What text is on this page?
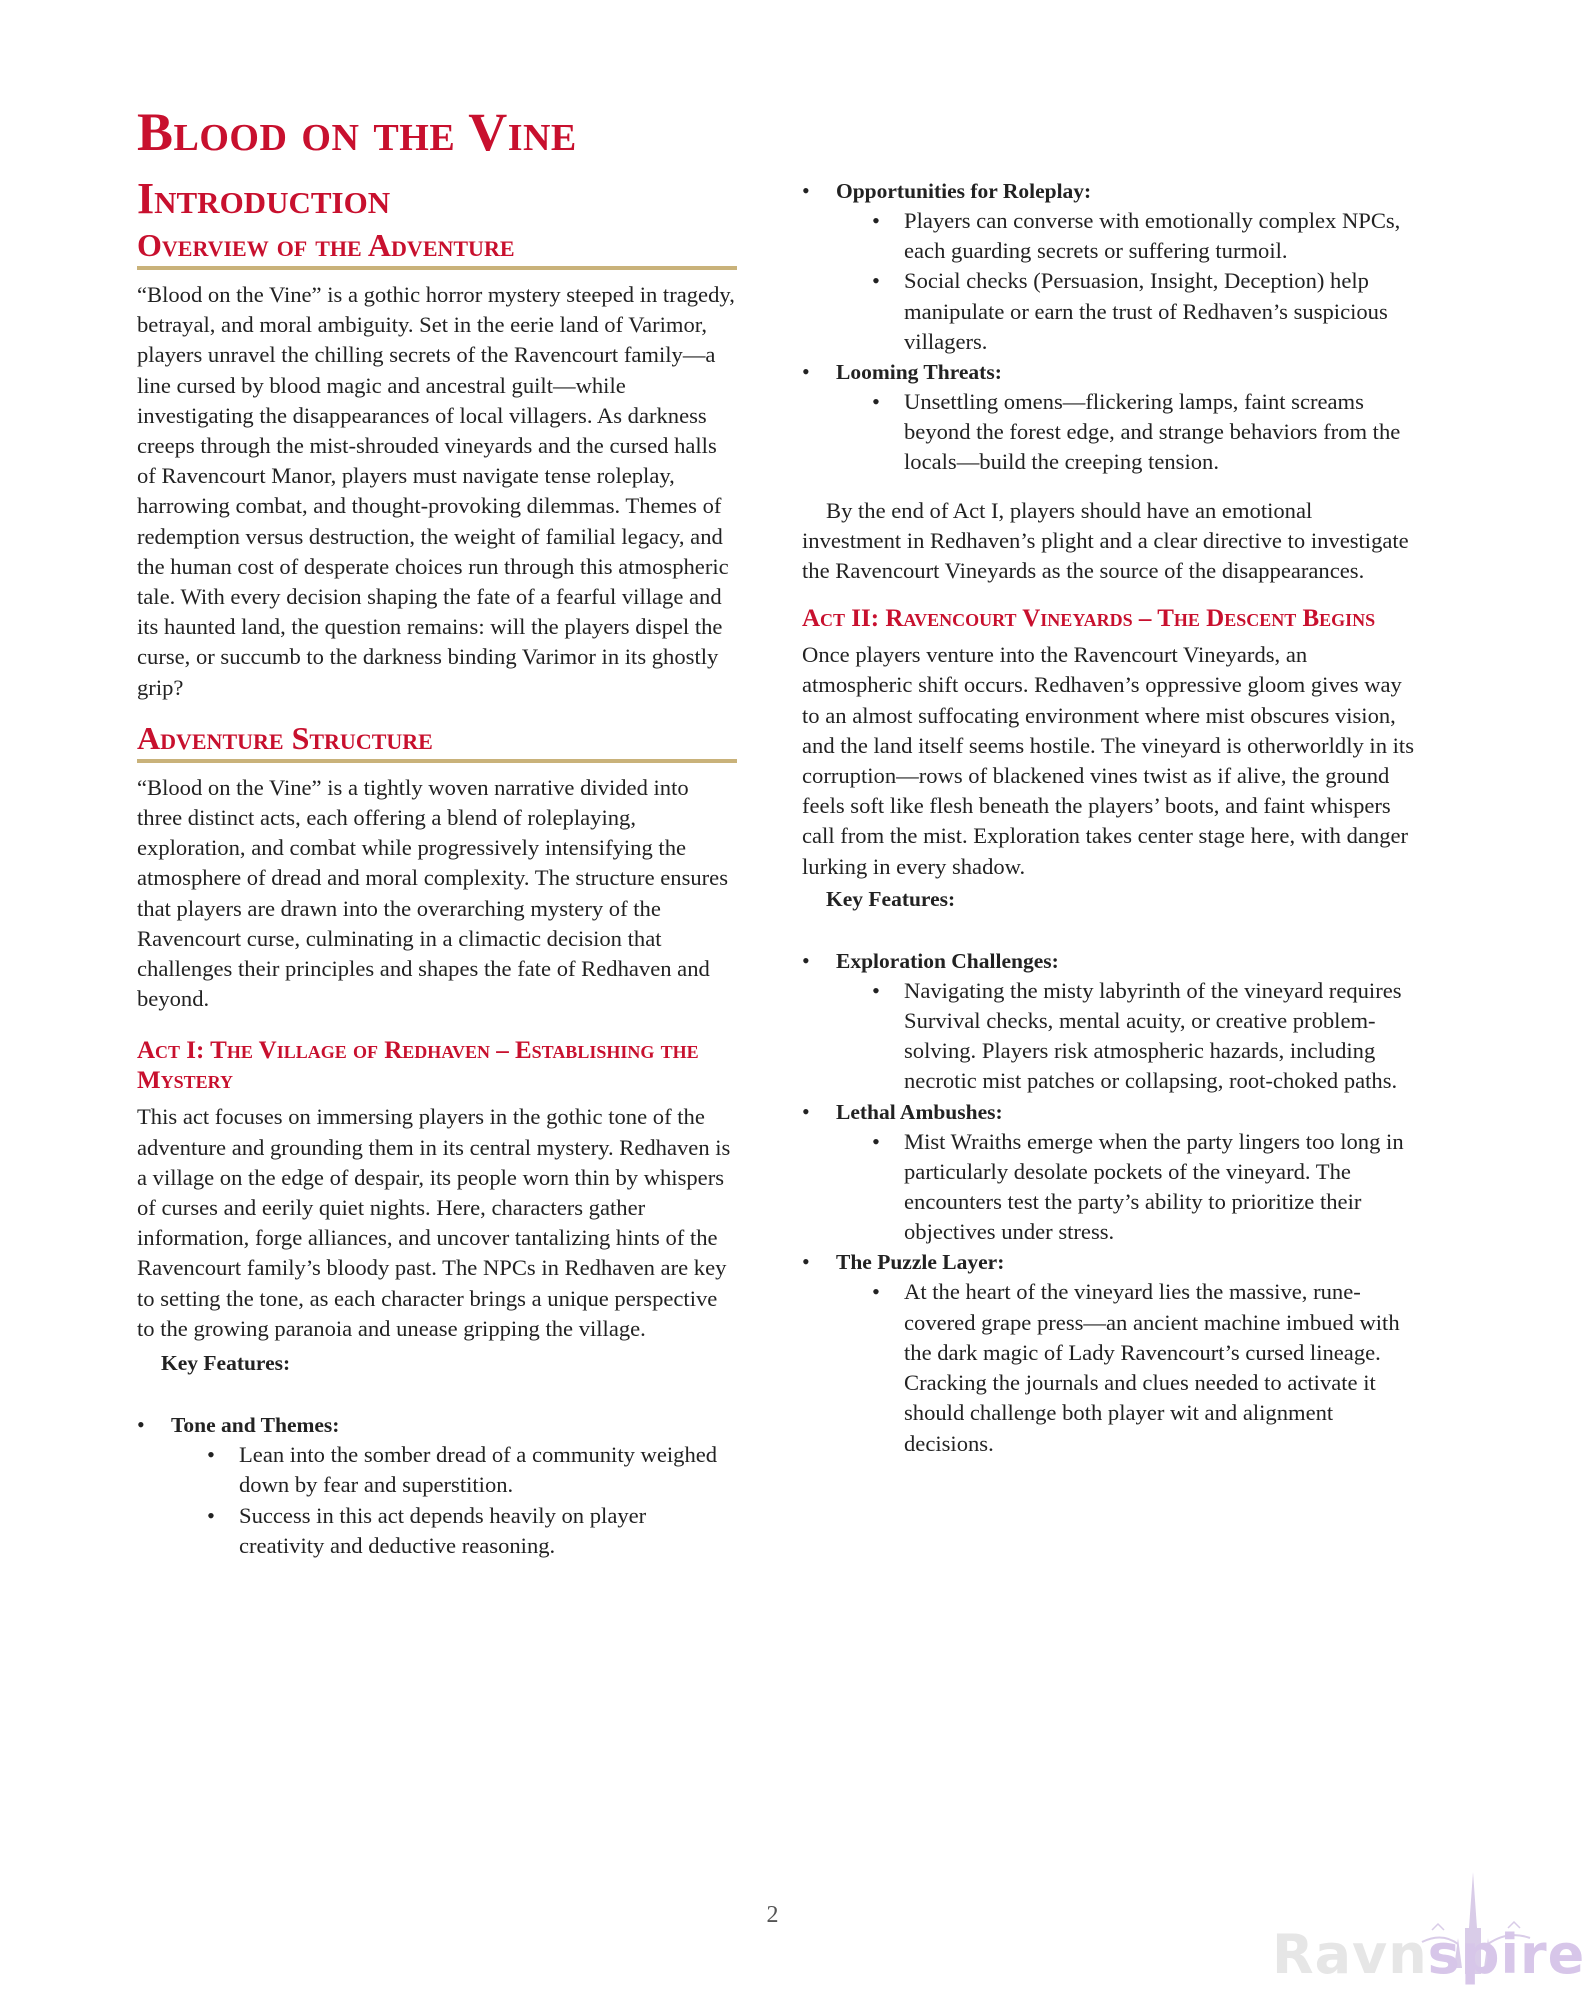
Blood on the Vine
Introduction
Overview of the Adventure

“Blood on the Vine” is a gothic horror mystery steeped in tragedy, betrayal, and moral ambiguity. Set in the eerie land of Varimor, players unravel the chilling secrets of the Ravencourt family—a line cursed by blood magic and ancestral guilt—while investigating the disappearances of local villagers. As darkness creeps through the mist-shrouded vineyards and the cursed halls of Ravencourt Manor, players must navigate tense roleplay, harrowing combat, and thought-provoking dilemmas. Themes of redemption versus destruction, the weight of familial legacy, and the human cost of desperate choices run through this atmospheric tale. With every decision shaping the fate of a fearful village and its haunted land, the question remains: will the players dispel the curse, or succumb to the darkness binding Varimor in its ghostly grip?

Adventure Structure

“Blood on the Vine” is a tightly woven narrative divided into three distinct acts, each offering a blend of roleplaying, exploration, and combat while progressively intensifying the atmosphere of dread and moral complexity. The structure ensures that players are drawn into the overarching mystery of the Ravencourt curse, culminating in a climactic decision that challenges their principles and shapes the fate of Redhaven and beyond.

Act I: The Village of Redhaven – Establishing the Mystery

This act focuses on immersing players in the gothic tone of the adventure and grounding them in its central mystery. Redhaven is a village on the edge of despair, its people worn thin by whispers of curses and eerily quiet nights. Here, characters gather information, forge alliances, and uncover tantalizing hints of the Ravencourt family’s bloody past. The NPCs in Redhaven are key to setting the tone, as each character brings a unique perspective to the growing paranoia and unease gripping the village.

Key Features:
• Tone and Themes:
• Lean into the somber dread of a community weighed down by fear and superstition.
• Success in this act depends heavily on player creativity and deductive reasoning.
• Opportunities for Roleplay:
• Players can converse with emotionally complex NPCs, each guarding secrets or suffering turmoil.
• Social checks (Persuasion, Insight, Deception) help manipulate or earn the trust of Redhaven’s suspicious villagers.
• Looming Threats:
• Unsettling omens—flickering lamps, faint screams beyond the forest edge, and strange behaviors from the locals—build the creeping tension.

By the end of Act I, players should have an emotional investment in Redhaven’s plight and a clear directive to investigate the Ravencourt Vineyards as the source of the disappearances.

Act II: Ravencourt Vineyards – The Descent Begins

Once players venture into the Ravencourt Vineyards, an atmospheric shift occurs. Redhaven’s oppressive gloom gives way to an almost suffocating environment where mist obscures vision, and the land itself seems hostile. The vineyard is otherworldly in its corruption—rows of blackened vines twist as if alive, the ground feels soft like flesh beneath the players’ boots, and faint whispers call from the mist. Exploration takes center stage here, with danger lurking in every shadow.

Key Features:
• Exploration Challenges:
• Navigating the misty labyrinth of the vineyard requires Survival checks, mental acuity, or creative problem-solving. Players risk atmospheric hazards, including necrotic mist patches or collapsing, root-choked paths.
• Lethal Ambushes:
• Mist Wraiths emerge when the party lingers too long in particularly desolate pockets of the vineyard. The encounters test the party’s ability to prioritize their objectives under stress.
• The Puzzle Layer:
• At the heart of the vineyard lies the massive, rune-covered grape press—an ancient machine imbued with the dark magic of Lady Ravencourt’s cursed lineage. Cracking the journals and clues needed to activate it should challenge both player wit and alignment decisions.
2
Ravnspire
